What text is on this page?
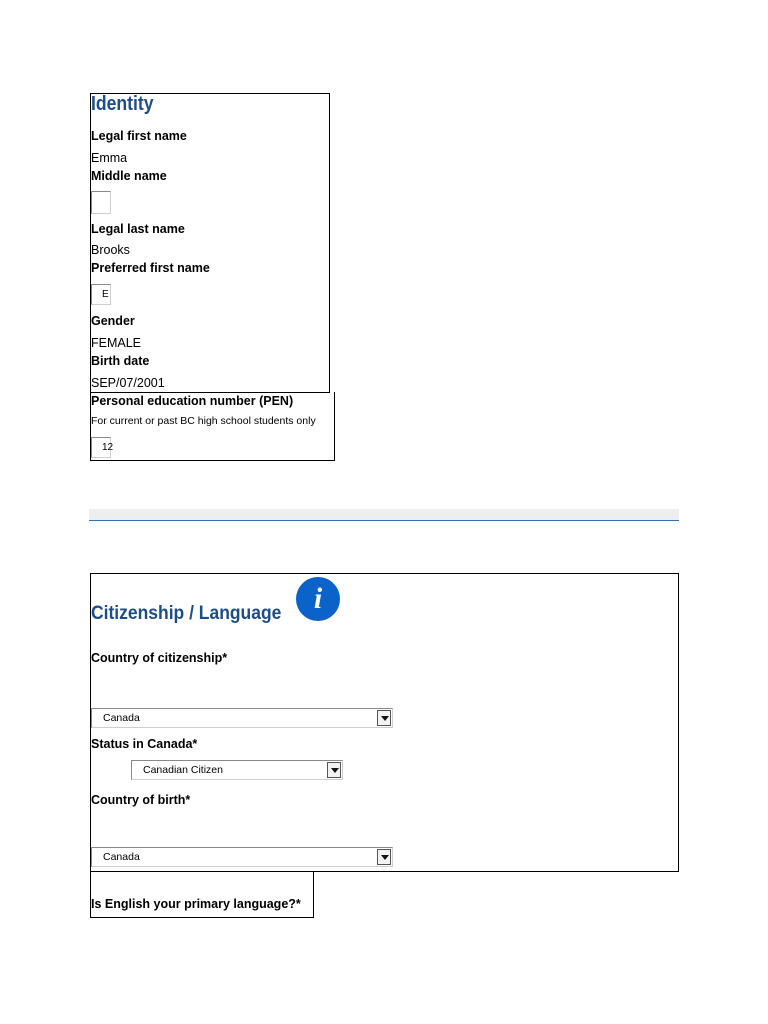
Identity
Legal first name
Emma
Middle name
Legal last name
Brooks
Preferred first name
E
Gender
FEMALE
Birth date
SEP/07/2001
Personal education number (PEN)
For current or past BC high school students only
12
Citizenship / Language	i
Country of citizenship*
Canada
Status in Canada*
Canadian Citizen
Country of birth*
Canada
Is English your primary language?*
